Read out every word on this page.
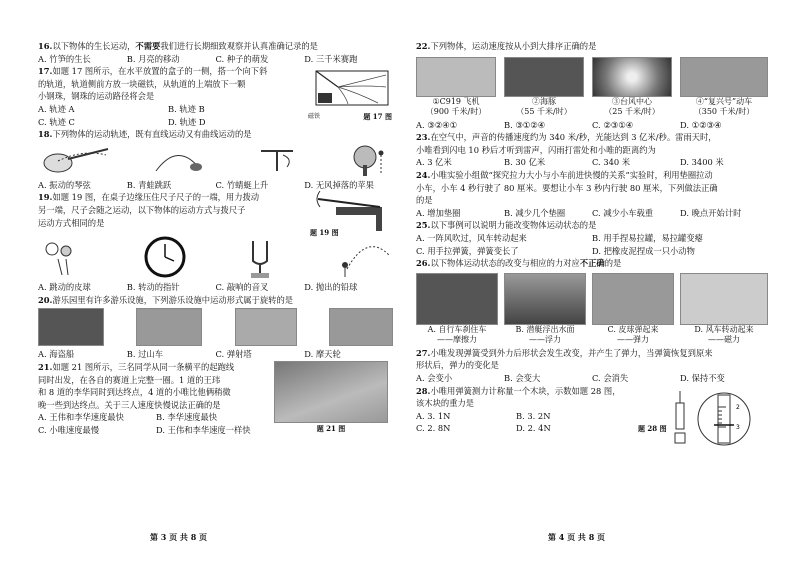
16.以下物体的生长运动，不需要我们进行长期细致观察并认真准确记录的是

A. 竹笋的生长	B. 月亮的移动	C. 种子的萌发	D. 三千米赛跑
17.如题 17 图所示，在水平放置的盒子的一侧，搭一个向下斜
的轨道，轨道侧前方放一块磁铁，从轨道的上端放下一颗
小钢珠，钢珠的运动路径将会是
A. 轨迹 A	B. 轨迹 B
C. 轨迹 C	D. 轨迹 D	磁铁	题 17 图

18.下列物体的运动轨迹，既有直线运动又有曲线运动的是

A. 振动的琴弦	B. 青蛙跳跃	C. 竹蜻蜓上升	D. 无风掉落的苹果
19.如题 19 图，在桌子边缘压住尺子尺子的一端，用力拨动
另一端，尺子会随之运动，以下物体的运动方式与拨尺子
运动方式相同的是
题 19 图
A. 跳动的皮球	B. 转动的指针	C. 敲响的音叉	D. 抛出的铅球

20.游乐园里有许多游乐设施，下列游乐设施中运动形式属于旋转的是

A. 海盗船	B. 过山车	C. 弹射塔	D. 摩天轮
21.如题 21 图所示，三名同学从同一条横平的起跑线
同时出发，在各自的赛道上完整一圈。1 道的王玮
和 8 道的李华同时到达终点，4 道的小唯比他俩稍微
晚一些到达终点。关于三人速度快慢说法正确的是
A. 王伟和李华速度最快	B. 李华速度最快
C. 小唯速度最慢	D. 王伟和李华速度一样快	题 21 图

22.下列物体，运动速度按从小到大排序正确的是

①C919 飞机
（900 千米/时）
②海豚
（55 千米/时）
③台风中心
（25 千米/时）
④“复兴号”动车
（350 千米/时）
A. ③②④①	B. ③①②④	C. ②③①④	D. ①②③④
23.在空气中，声音的传播速度约为 340 米/秒，光能达到 3 亿米/秒。雷雨天时，
小唯看到闪电 10 秒后才听到雷声，闪雨打雷处和小唯的距离约为
A. 3 亿米	B. 30 亿米	C. 340 米	D. 3400 米
24.小唯实验小组做“探究拉力大小与小车前进快慢的关系”实验时，利用垫圈拉动
小车，小车 4 秒行驶了 80 厘米。要想让小车 3 秒内行驶 80 厘米，下列做法正确
的是
A. 增加垫圈	B. 减少几个垫圈	C. 减少小车载重	D. 晚点开始计时

25.以下事例可以说明力能改变物体运动状态的是

A. 一阵风吹过，风车转动起来	B. 用手捏易拉罐，易拉罐变瘪
C. 用手拉弹簧，弹簧变长了	D. 把橡皮泥捏成一只小动物

26.以下物体运动状态的改变与相应的力对应不正确的是

A. 自行车刹住车
——摩擦力
B. 潜艇浮出水面
——浮力
C. 皮球弹起来
——弹力
D. 风车转动起来
——磁力
27.小唯发现弹簧受到外力后形状会发生改变，并产生了弹力，当弹簧恢复到原来
形状后，弹力的变化是
A. 会变小	B. 会变大	C. 会消失	D. 保持不变
28.小唯用弹簧测力计称量一个木块，示数如题 28 图，
该木块的重力是
A. 3. 1N	B. 3. 2N
C. 2. 8N	D. 2. 4N	题 28 图
2
3
第 3 页 共 8 页	第 4 页 共 8 页
